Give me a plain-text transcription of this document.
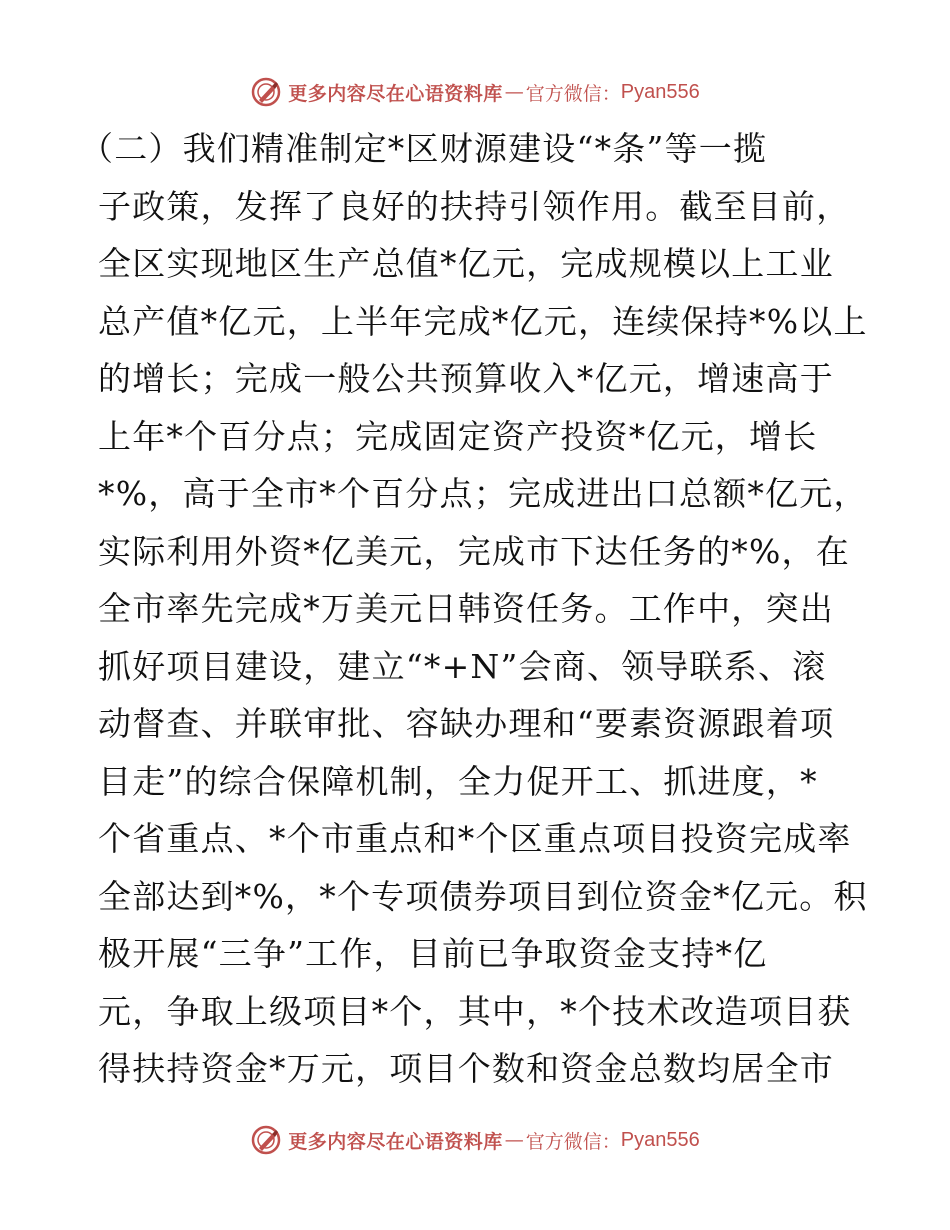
更多内容尽在心语资料库 — 官方微信： Pyan556
（二）我们精准制定*区财源建设“*条”等一揽
子政策，发挥了良好的扶持引领作用。截至目前，
全区实现地区生产总值*亿元，完成规模以上工业
总产值*亿元，上半年完成*亿元，连续保持*%以上
的增长；完成一般公共预算收入*亿元，增速高于
上年*个百分点；完成固定资产投资*亿元，增长
*%，高于全市*个百分点；完成进出口总额*亿元，
实际利用外资*亿美元，完成市下达任务的*%，在
全市率先完成*万美元日韩资任务。工作中，突出
抓好项目建设，建立“*+N”会商、领导联系、滚
动督查、并联审批、容缺办理和“要素资源跟着项
目走”的综合保障机制，全力促开工、抓进度，*
个省重点、*个市重点和*个区重点项目投资完成率
全部达到*%，*个专项债券项目到位资金*亿元。积
极开展“三争”工作，目前已争取资金支持*亿
元，争取上级项目*个，其中，*个技术改造项目获
得扶持资金*万元，项目个数和资金总数均居全市
更多内容尽在心语资料库 — 官方微信： Pyan556
